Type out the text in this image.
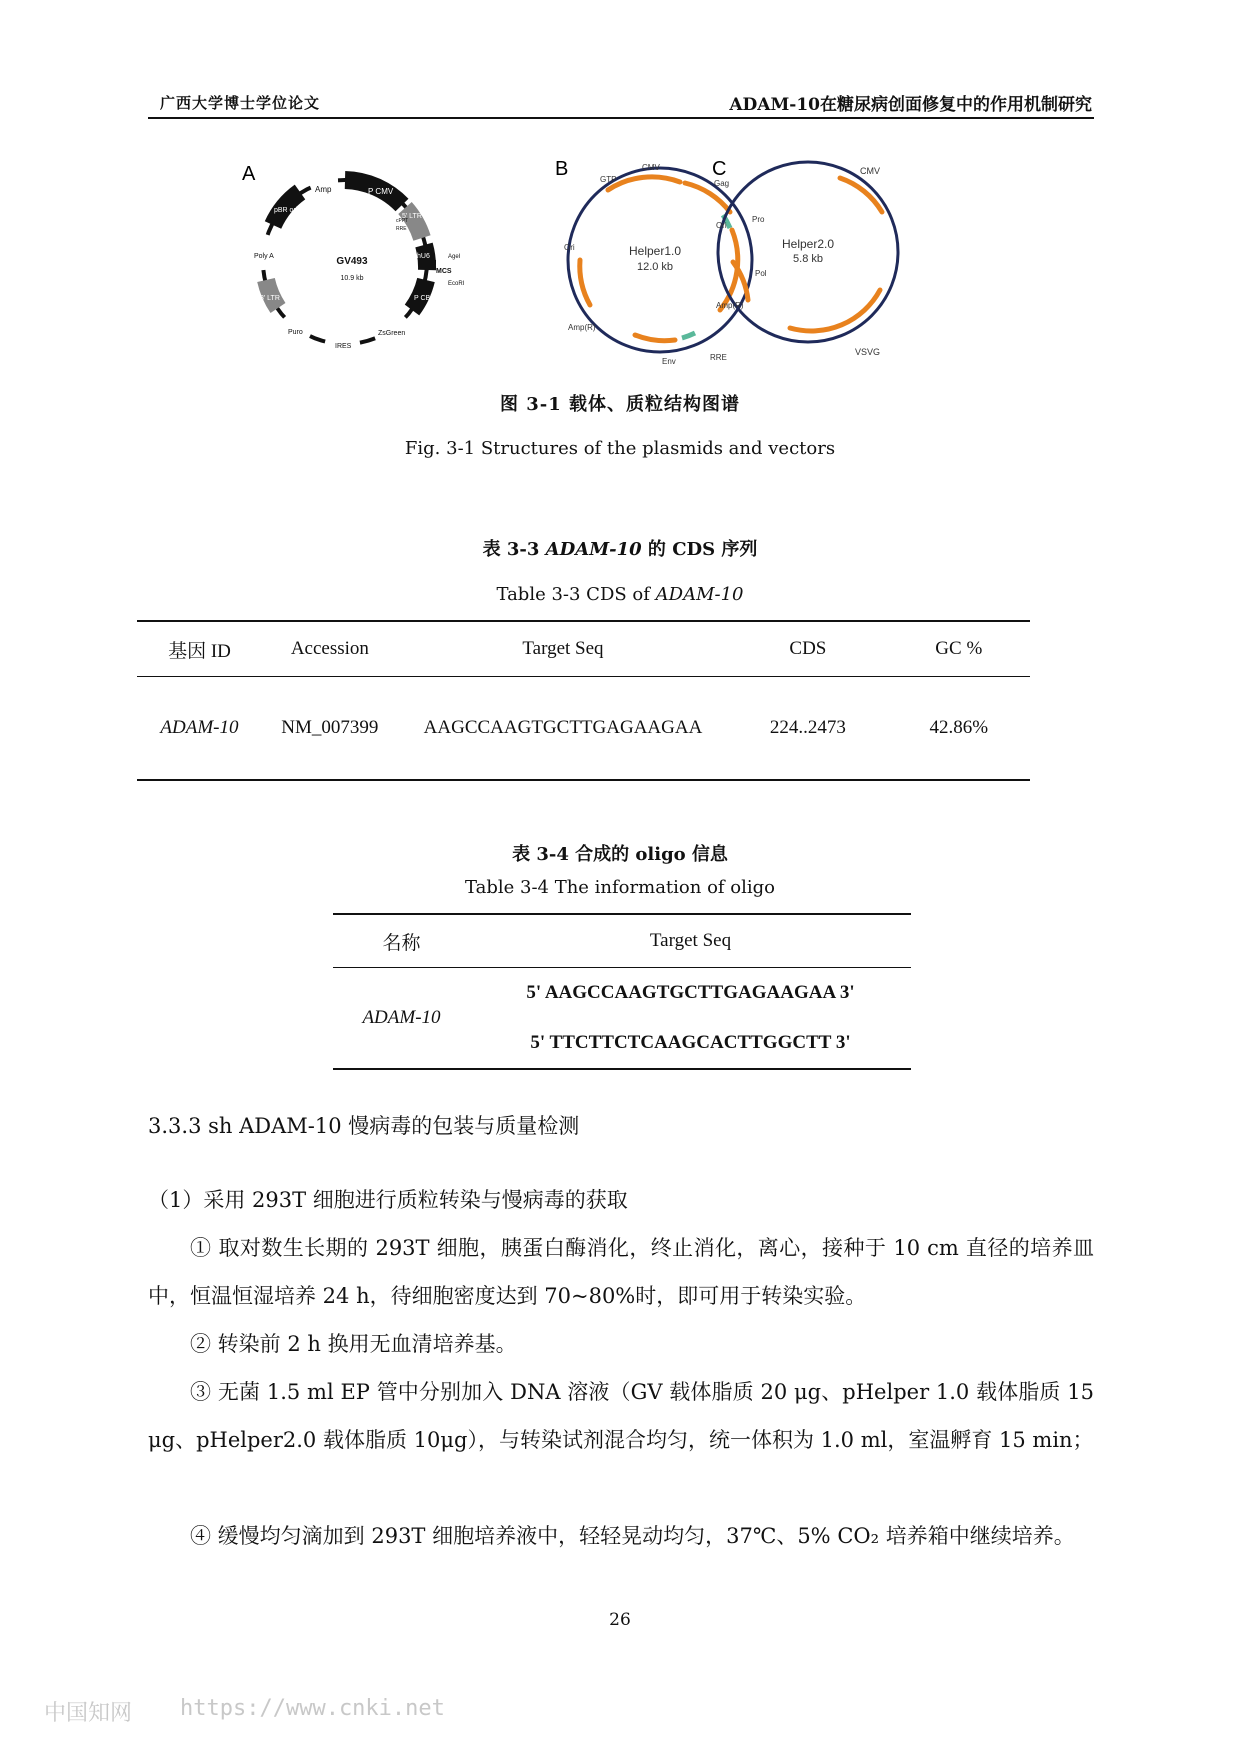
广西大学博士学位论文	ADAM-10在糖尿病创面修复中的作用机制研究
A
GV493
10.9 kb
Amp	P CMV
5' LTR
cPPT
RRE
hU6	AgeI
MCS
EcoRI
P CBh
ZsGreen
IRES
Puro
3' LTR
Poly A
pBR ori
B
Helper1.0
12.0 kb
CMV
GTP	Gag
Pro
Pol
RRE
Env
Amp(R)
Ori
C
Helper2.0
5.8 kb
CMV
VSVG
Amp(R)
Ori
图 3-1 载体、质粒结构图谱
Fig. 3-1 Structures of the plasmids and vectors
表 3-3 ADAM-10 的 CDS 序列
Table 3-3 CDS of ADAM-10
基因 ID	Accession	Target Seq	CDS	GC %
ADAM-10	NM_007399	AAGCCAAGTGCTTGAGAAGAA	224..2473	42.86%
表 3-4 合成的 oligo 信息
Table 3-4 The information of oligo
名称	Target Seq
ADAM-10	5' AAGCCAAGTGCTTGAGAAGAA 3'
	5' TTCTTCTCAAGCACTTGGCTT 3'
3.3.3 sh ADAM-10 慢病毒的包装与质量检测
（1）采用 293T 细胞进行质粒转染与慢病毒的获取
① 取对数生长期的 293T 细胞，胰蛋白酶消化，终止消化，离心，接种于 10 cm 直径的培养皿中，恒温恒湿培养 24 h，待细胞密度达到 70~80%时，即可用于转染实验。
② 转染前 2 h 换用无血清培养基。
③ 无菌 1.5 ml EP 管中分别加入 DNA 溶液（GV 载体脂质 20 μg、pHelper 1.0 载体脂质 15 μg、pHelper2.0 载体脂质 10μg），与转染试剂混合均匀，统一体积为 1.0 ml，室温孵育 15 min；
④ 缓慢均匀滴加到 293T 细胞培养液中，轻轻晃动均匀，37℃、5% CO₂ 培养箱中继续培养。
26
中国知网 https://www.cnki.net
